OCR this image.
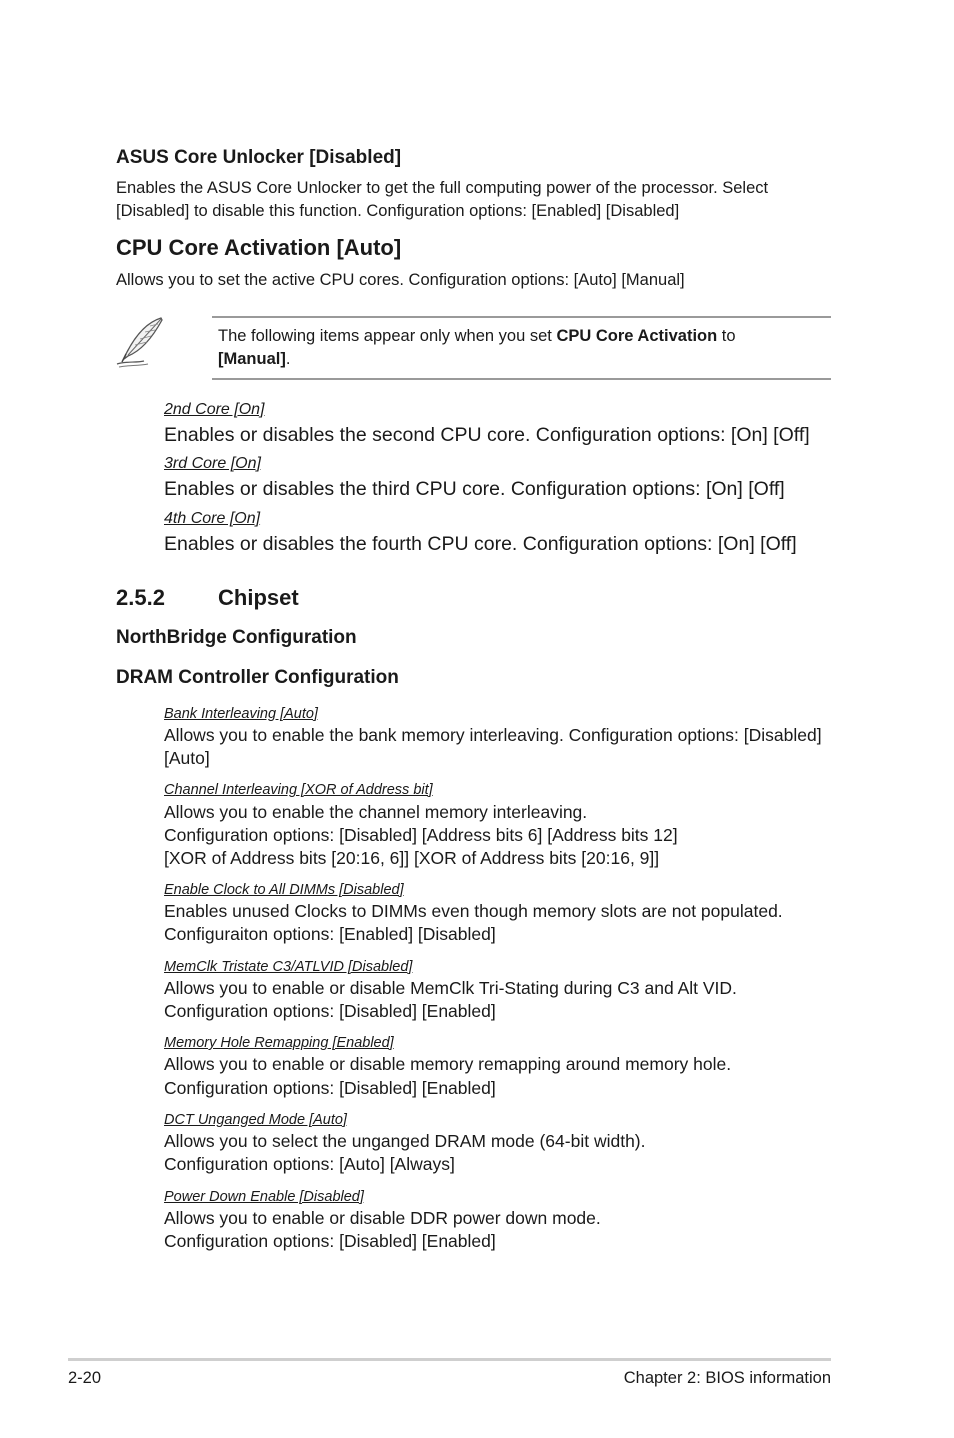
ASUS Core Unlocker [Disabled]
Enables the ASUS Core Unlocker to get the full computing power of the processor. Select
[Disabled] to disable this function. Configuration options: [Enabled] [Disabled]
CPU Core Activation [Auto]
Allows you to set the active CPU cores. Configuration options: [Auto] [Manual]
The following items appear only when you set CPU Core Activation to
[Manual].
2nd Core [On]
Enables or disables the second CPU core. Configuration options: [On] [Off]
3rd Core [On]
Enables or disables the third CPU core. Configuration options: [On] [Off]
4th Core [On]
Enables or disables the fourth CPU core. Configuration options: [On] [Off]
2.5.2 Chipset
NorthBridge Configuration
DRAM Controller Configuration
Bank Interleaving [Auto]
Allows you to enable the bank memory interleaving. Configuration options: [Disabled]
[Auto]
Channel Interleaving [XOR of Address bit]
Allows you to enable the channel memory interleaving.
Configuration options: [Disabled] [Address bits 6] [Address bits 12]
[XOR of Address bits [20:16, 6]] [XOR of Address bits [20:16, 9]]
Enable Clock to All DIMMs [Disabled]
Enables unused Clocks to DIMMs even though memory slots are not populated.
Configuraiton options: [Enabled] [Disabled]
MemClk Tristate C3/ATLVID [Disabled]
Allows you to enable or disable MemClk Tri-Stating during C3 and Alt VID.
Configuration options: [Disabled] [Enabled]
Memory Hole Remapping [Enabled]
Allows you to enable or disable memory remapping around memory hole.
Configuration options: [Disabled] [Enabled]
DCT Unganged Mode [Auto]
Allows you to select the unganged DRAM mode (64-bit width).
Configuration options: [Auto] [Always]
Power Down Enable [Disabled]
Allows you to enable or disable DDR power down mode.
Configuration options: [Disabled] [Enabled]
2-20	Chapter 2: BIOS information
